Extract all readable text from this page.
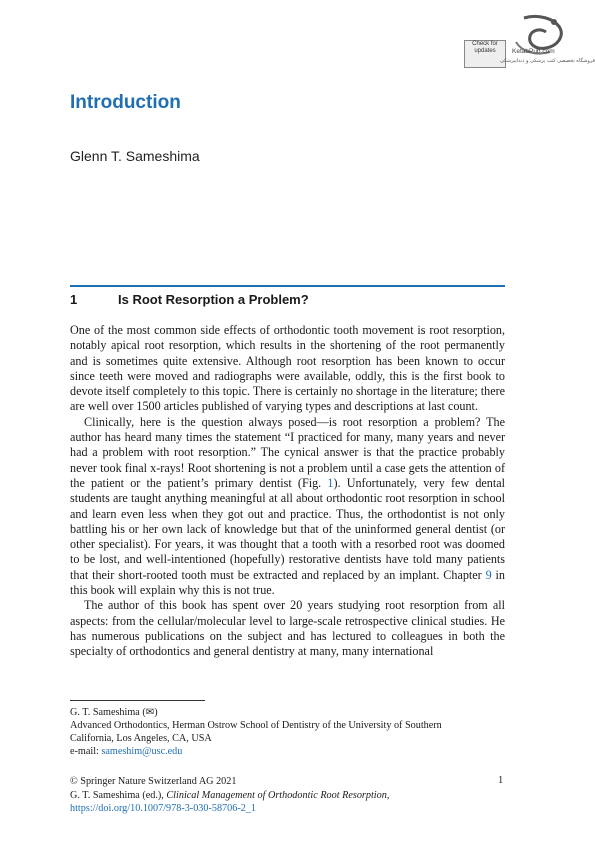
Check for
updates	KetabPub.com
فروشگاه تخصصی کتب پزشکی و دندانپزشکی
Introduction
Glenn T. Sameshima
1	Is Root Resorption a Problem?

One of the most common side effects of orthodontic tooth movement is root resorption, notably apical root resorption, which results in the shortening of the root permanently and is sometimes quite extensive. Although root resorption has been known to occur since teeth were moved and radiographs were available, oddly, this is the first book to devote itself completely to this topic. There is certainly no shortage in the literature; there are well over 1500 articles published of varying types and descriptions at last count.

Clinically, here is the question always posed—is root resorption a problem? The author has heard many times the statement “I practiced for many, many years and never had a problem with root resorption.” The cynical answer is that the practice probably never took final x-rays! Root shortening is not a problem until a case gets the attention of the patient or the patient’s primary dentist (Fig. 1). Unfortunately, very few dental students are taught anything meaningful at all about orthodontic root resorption in school and learn even less when they got out and practice. Thus, the orthodontist is not only battling his or her own lack of knowledge but that of the uninformed general dentist (or other specialist). For years, it was thought that a tooth with a resorbed root was doomed to be lost, and well-intentioned (hopefully) restorative dentists have told many patients that their short-rooted tooth must be extracted and replaced by an implant. Chapter 9 in this book will explain why this is not true.

The author of this book has spent over 20 years studying root resorption from all aspects: from the cellular/molecular level to large-scale retrospective clinical studies. He has numerous publications on the subject and has lectured to colleagues in both the specialty of orthodontics and general dentistry at many, many international

G. T. Sameshima (✉)
Advanced Orthodontics, Herman Ostrow School of Dentistry of the University of Southern
California, Los Angeles, CA, USA
e-mail: sameshim@usc.edu
© Springer Nature Switzerland AG 2021
G. T. Sameshima (ed.), Clinical Management of Orthodontic Root Resorption,
https://doi.org/10.1007/978-3-030-58706-2_1
1
